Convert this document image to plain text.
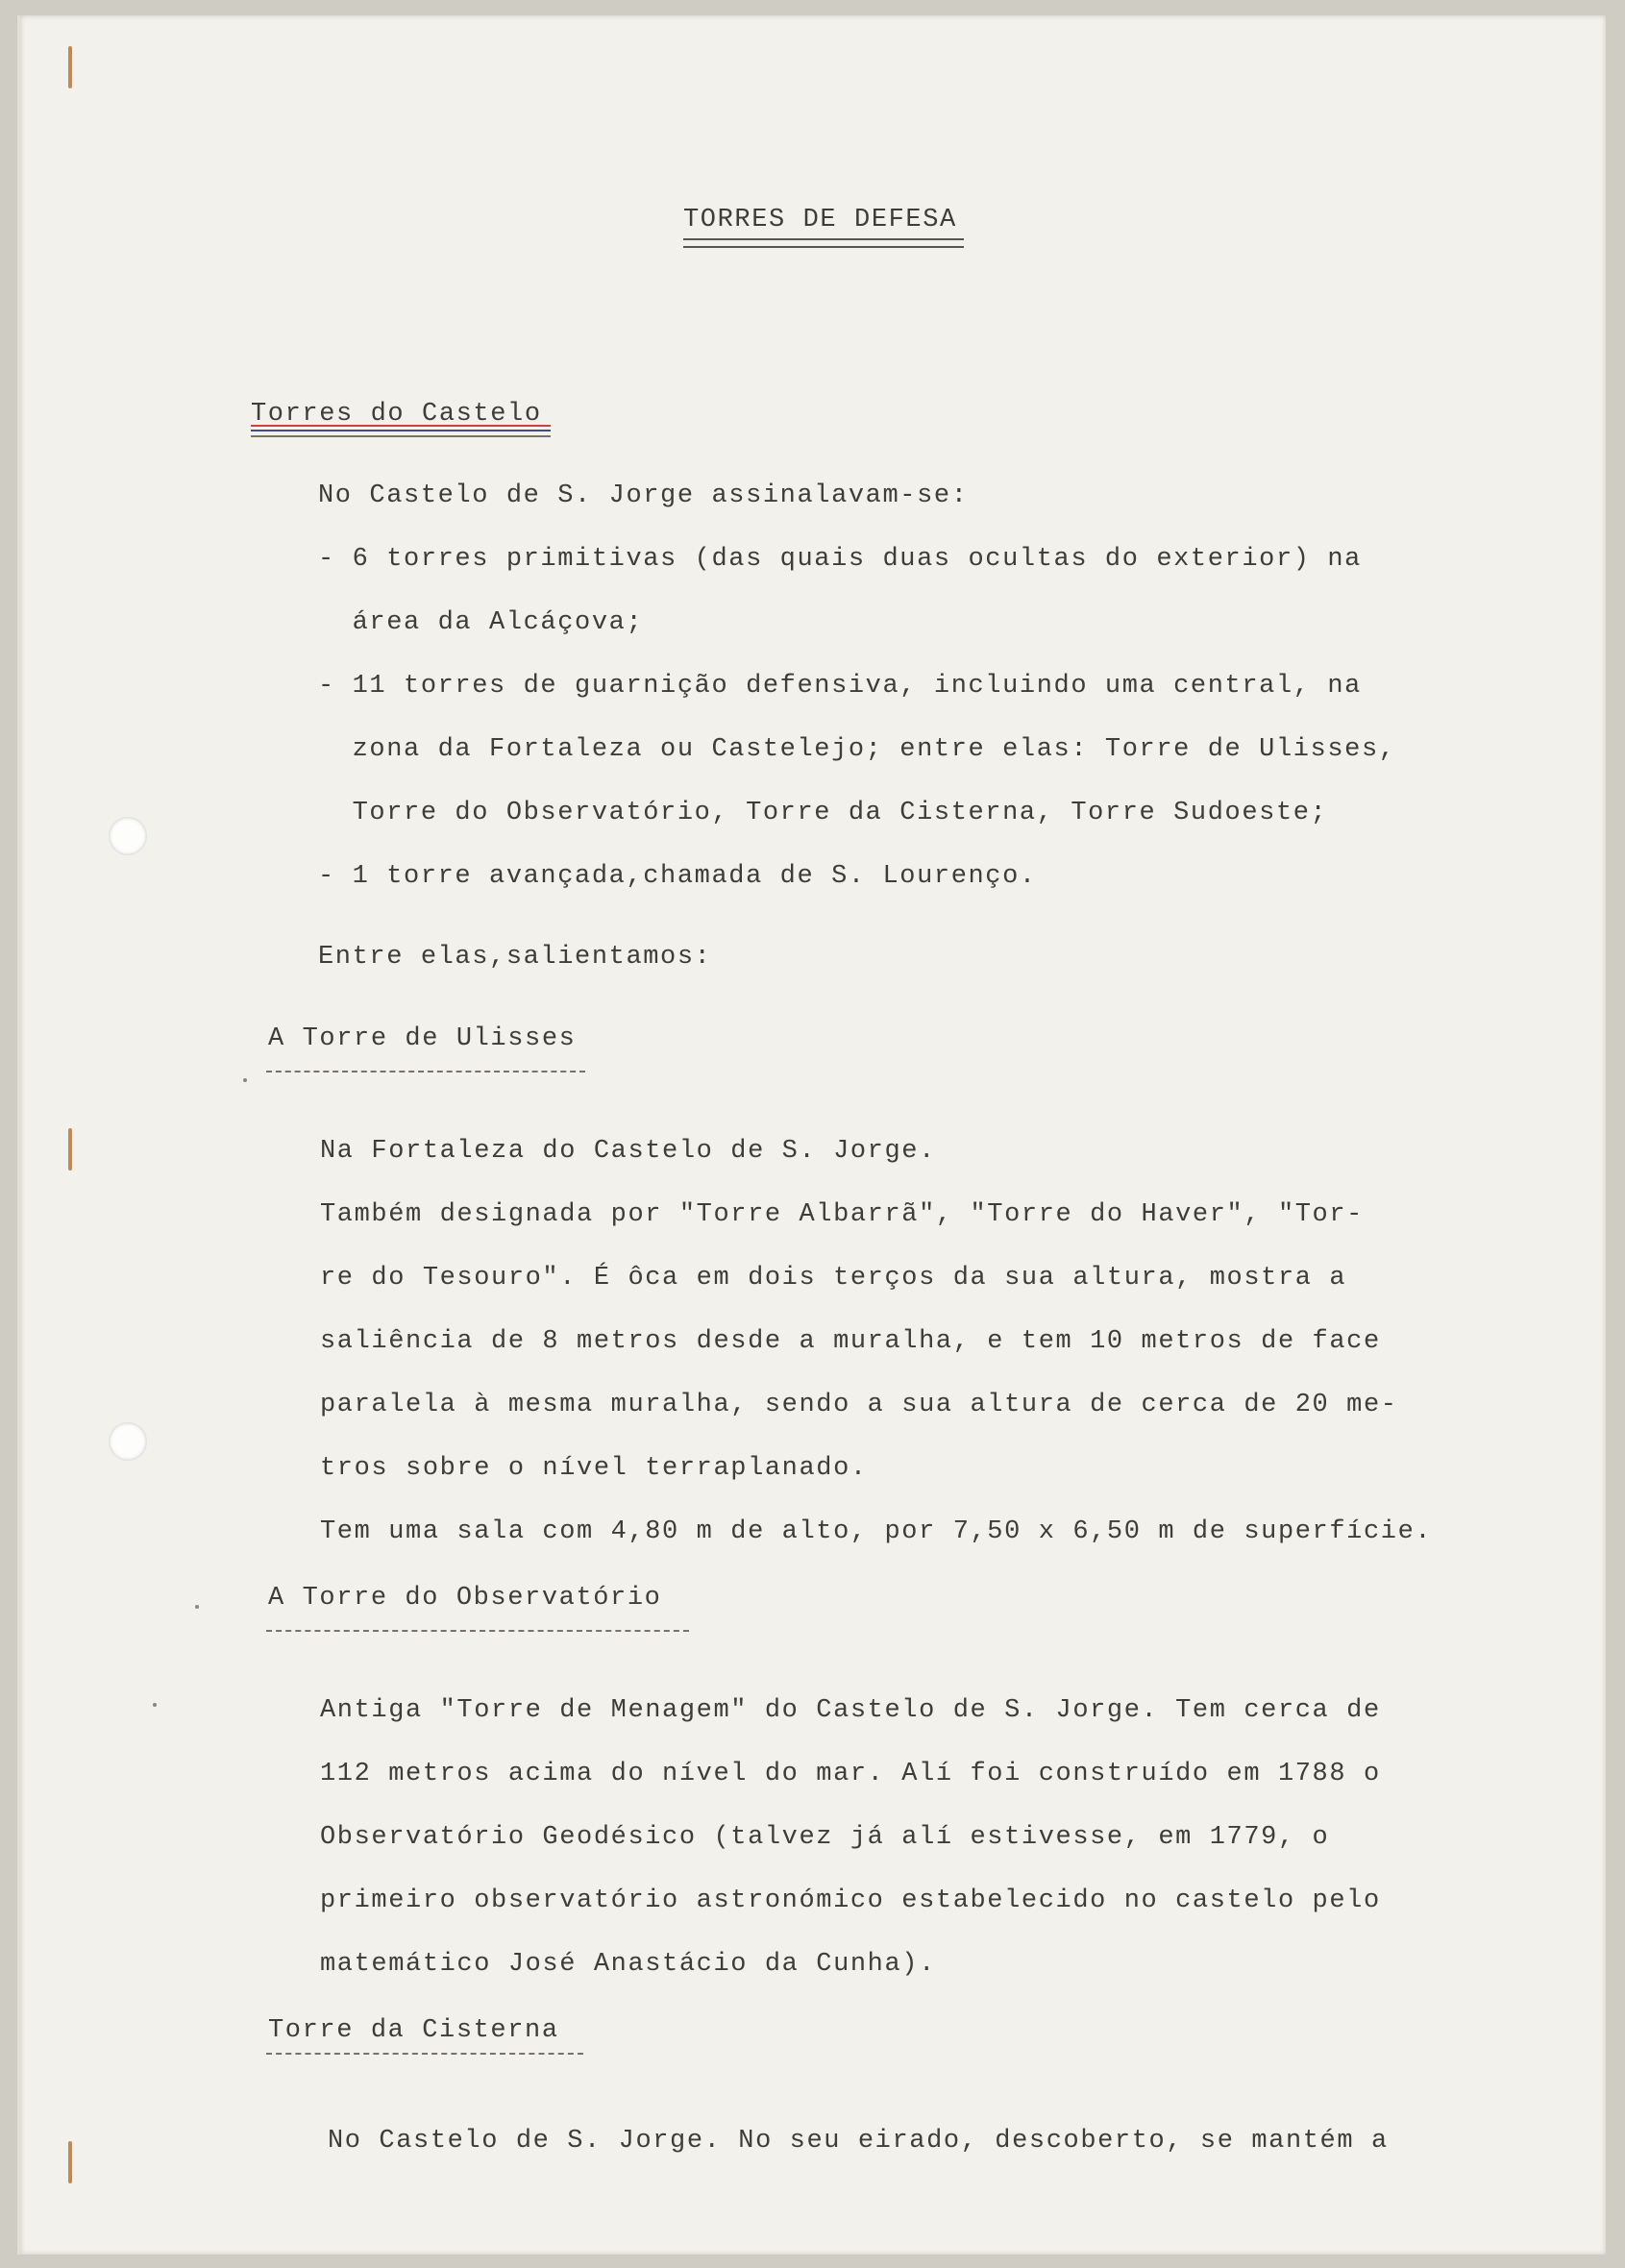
TORRES DE DEFESA
Torres do Castelo
No Castelo de S. Jorge assinalavam-se:
- 6 torres primitivas (das quais duas ocultas do exterior) na
área da Alcáçova;
- 11 torres de guarnição defensiva, incluindo uma central, na
zona da Fortaleza ou Castelejo; entre elas: Torre de Ulisses,
Torre do Observatório, Torre da Cisterna, Torre Sudoeste;
- 1 torre avançada,chamada de S. Lourenço.
Entre elas,salientamos:
A Torre de Ulisses
Na Fortaleza do Castelo de S. Jorge.
Também designada por "Torre Albarrã", "Torre do Haver", "Tor-
re do Tesouro". É ôca em dois terços da sua altura, mostra a
saliência de 8 metros desde a muralha, e tem 10 metros de face
paralela à mesma muralha, sendo a sua altura de cerca de 20 me-
tros sobre o nível terraplanado.
Tem uma sala com 4,80 m de alto, por 7,50 x 6,50 m de superfície.
A Torre do Observatório
Antiga "Torre de Menagem" do Castelo de S. Jorge. Tem cerca de
112 metros acima do nível do mar. Alí foi construído em 1788 o
Observatório Geodésico (talvez já alí estivesse, em 1779, o
primeiro observatório astronómico estabelecido no castelo pelo
matemático José Anastácio da Cunha).
Torre da Cisterna
No Castelo de S. Jorge. No seu eirado, descoberto, se mantém a
